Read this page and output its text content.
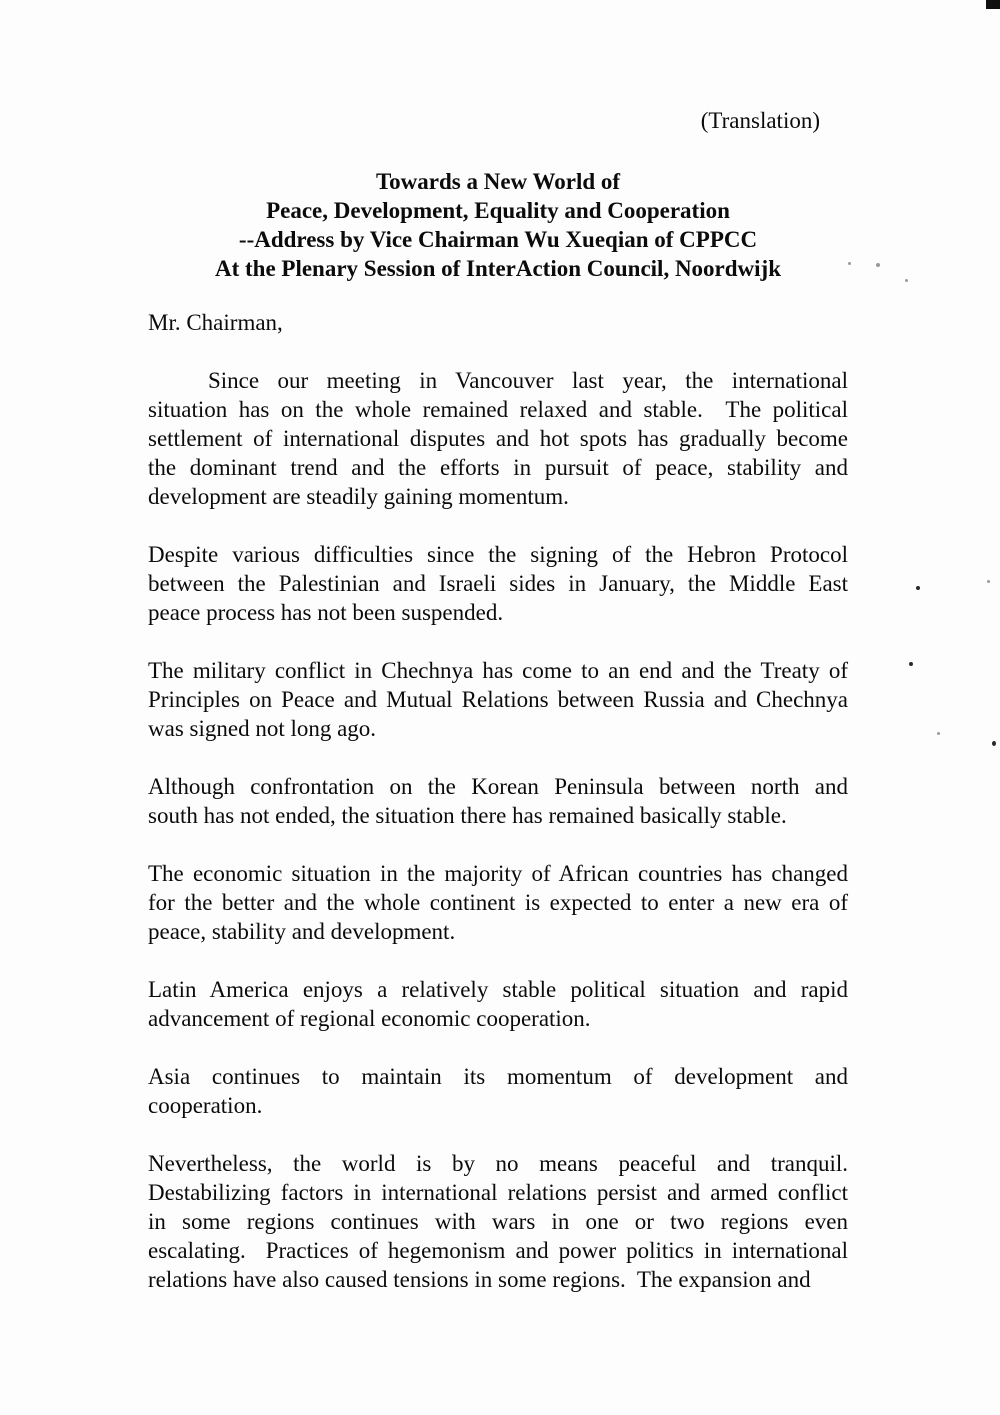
(Translation)
Towards a New World of
Peace, Development, Equality and Cooperation
--Address by Vice Chairman Wu Xueqian of CPPCC
At the Plenary Session of InterAction Council, Noordwijk
Mr. Chairman,
Since our meeting in Vancouver last year, the international
situation has on the whole remained relaxed and stable.  The political
settlement of international disputes and hot spots has gradually become
the dominant trend and the efforts in pursuit of peace, stability and
development are steadily gaining momentum.
Despite various difficulties since the signing of the Hebron Protocol
between the Palestinian and Israeli sides in January, the Middle East
peace process has not been suspended.
The military conflict in Chechnya has come to an end and the Treaty of
Principles on Peace and Mutual Relations between Russia and Chechnya
was signed not long ago.
Although confrontation on the Korean Peninsula between north and
south has not ended, the situation there has remained basically stable.
The economic situation in the majority of African countries has changed
for the better and the whole continent is expected to enter a new era of
peace, stability and development.
Latin America enjoys a relatively stable political situation and rapid
advancement of regional economic cooperation.
Asia continues to maintain its momentum of development and
cooperation.
Nevertheless, the world is by no means peaceful and tranquil.
Destabilizing factors in international relations persist and armed conflict
in some regions continues with wars in one or two regions even
escalating.  Practices of hegemonism and power politics in international
relations have also caused tensions in some regions.  The expansion and
